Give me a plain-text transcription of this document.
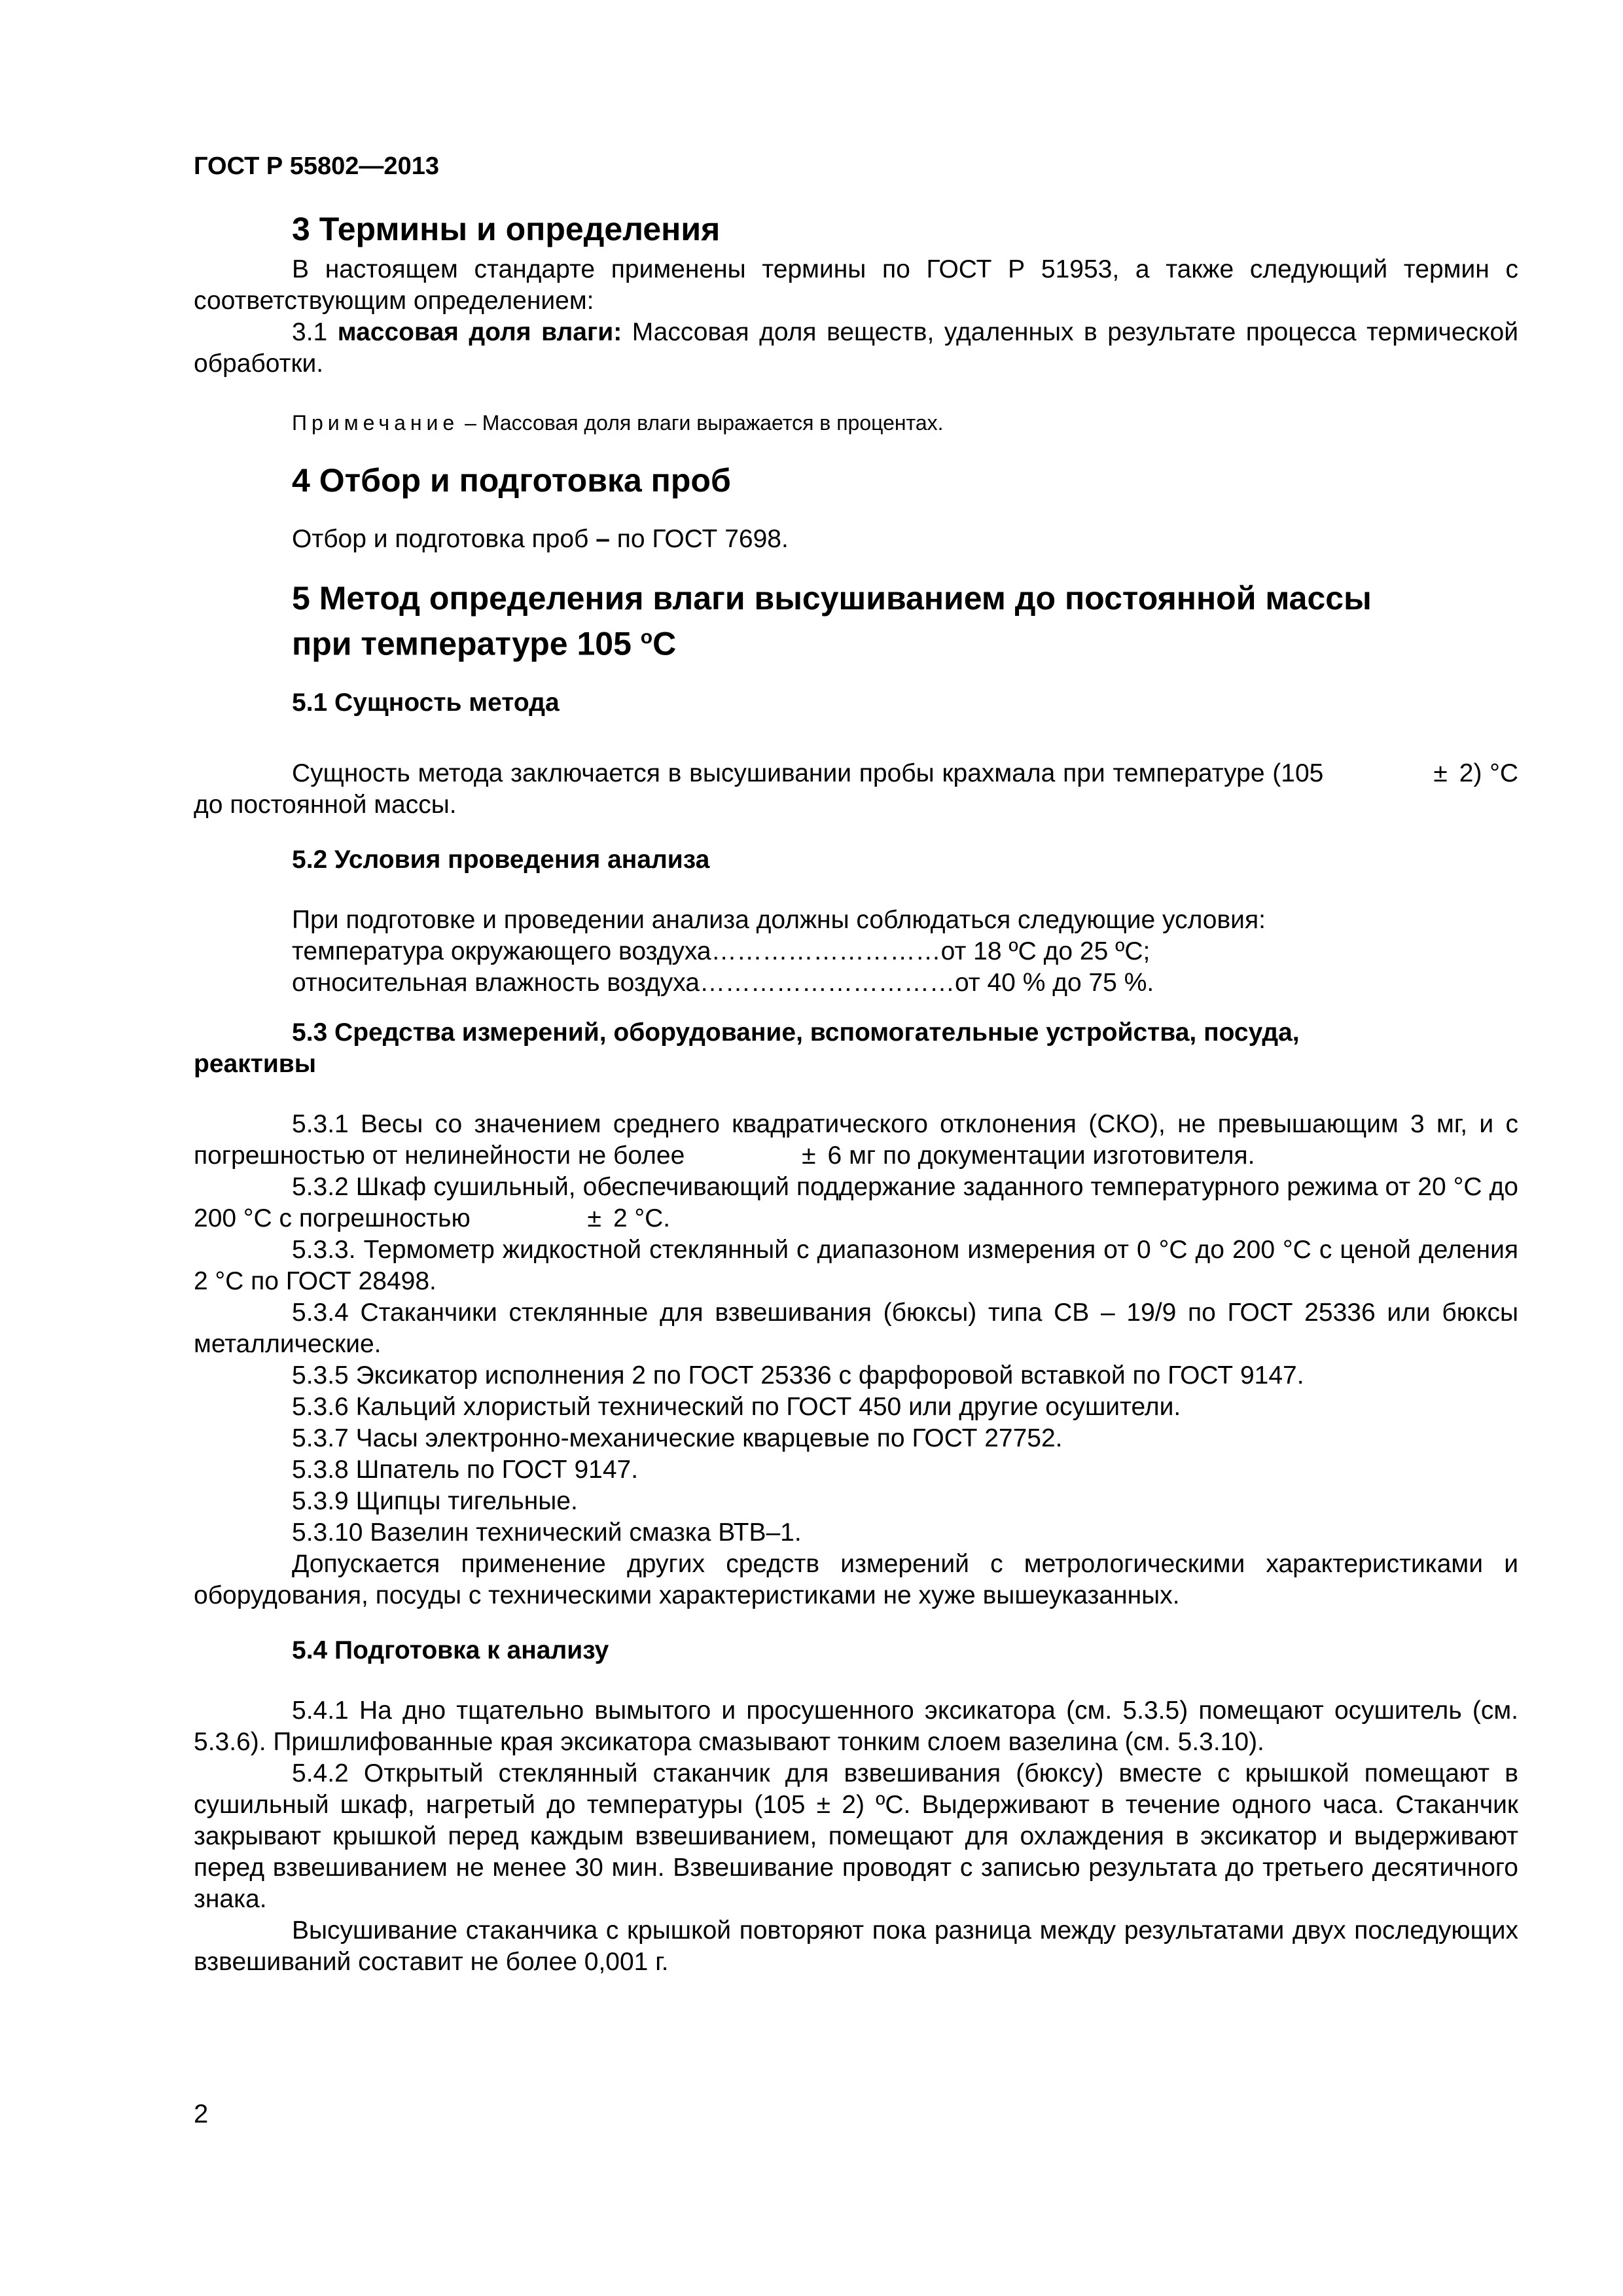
ГОСТ Р 55802—2013
3 Термины и определения

В настоящем стандарте применены термины по ГОСТ Р 51953, а также следующий термин с соответствующим определением:

3.1 массовая доля влаги: Массовая доля веществ, удаленных в результате процесса термической обработки.

Примечание – Массовая доля влаги выражается в процентах.

4 Отбор и подготовка проб

Отбор и подготовка проб – по ГОСТ 7698.

5 Метод определения влаги высушиванием до постоянной массы
при температуре 105 $^о$С
5.1 Сущность метода

Сущность метода заключается в высушивании пробы крахмала при температуре (105	± 2) °С до постоянной массы.

5.2 Условия проведения анализа

При подготовке и проведении анализа должны соблюдаться следующие условия:

температура окружающего воздуха………………………от 18 ºС до 25 ºС;

относительная влажность воздуха…………………………от 40 % до 75 %.

5.3 Средства измерений, оборудование, вспомогательные устройства, посуда,
реактивы

5.3.1 Весы со значением среднего квадратического отклонения (СКО), не превышающим 3 мг, и с погрешностью от нелинейности не более	± 6 мг по документации изготовителя.

5.3.2 Шкаф сушильный, обеспечивающий поддержание заданного температурного режима от 20 °С до 200 °С с погрешностью	± 2 °С.

5.3.3. Термометр жидкостной стеклянный с диапазоном измерения от 0 °С до 200 °С с ценой деления 2 °С по ГОСТ 28498.

5.3.4 Стаканчики стеклянные для взвешивания (бюксы) типа СВ – 19/9 по ГОСТ 25336 или бюксы металлические.

5.3.5 Эксикатор исполнения 2 по ГОСТ 25336 с фарфоровой вставкой по ГОСТ 9147.

5.3.6 Кальций хлористый технический по ГОСТ 450 или другие осушители.

5.3.7 Часы электронно-механические кварцевые по ГОСТ 27752.

5.3.8 Шпатель по ГОСТ 9147.

5.3.9 Щипцы тигельные.

5.3.10 Вазелин технический смазка ВТВ–1.

Допускается применение других средств измерений с метрологическими характеристиками и оборудования, посуды с техническими характеристиками не хуже вышеуказанных.

5.4 Подготовка к анализу

5.4.1 На дно тщательно вымытого и просушенного эксикатора (см. 5.3.5) помещают осушитель (см. 5.3.6). Пришлифованные края эксикатора смазывают тонким слоем вазелина (см. 5.3.10).

5.4.2 Открытый стеклянный стаканчик для взвешивания (бюксу) вместе с крышкой помещают в сушильный шкаф, нагретый до температуры (105 ± 2) ºС. Выдерживают в течение одного часа. Стаканчик закрывают крышкой перед каждым взвешиванием, помещают для охлаждения в эксикатор и выдерживают перед взвешиванием не менее 30 мин. Взвешивание проводят с записью результата до третьего десятичного знака.

Высушивание стаканчика с крышкой повторяют пока разница между результатами двух последующих взвешиваний составит не более 0,001 г.

2
